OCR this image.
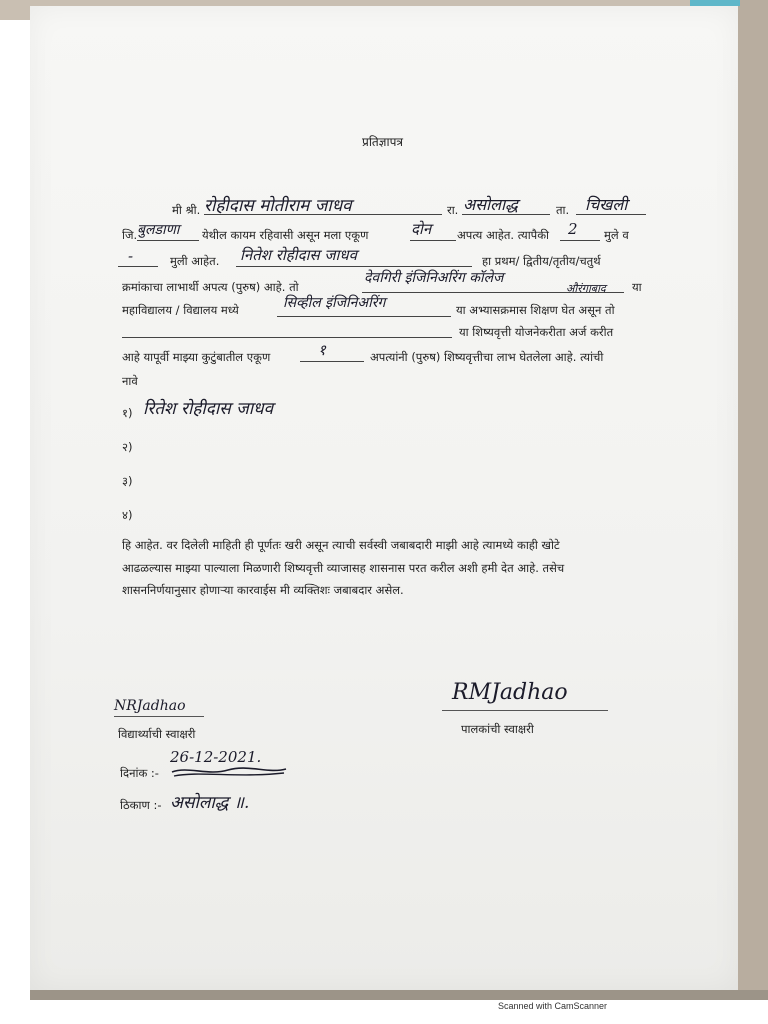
प्रतिज्ञापत्र
मी श्री. रोहीदास मोतीराम जाधव	रा. असोलाद्ध	ता. चिखली
जि. बुलडाणा येथील कायम रहिवासी असून मला एकूण	दोन अपत्य आहेत. त्यापैकी 2 मुले व
-	मुली आहेत. नितेश रोहीदास जाधव	हा प्रथम/ द्वितीय/तृतीय/चतुर्थ
क्रमांकाचा लाभार्थी अपत्य (पुरुष) आहे. तो
देवगिरी इंजिनिअरिंग कॉलेज
औरंगाबाद या
महाविद्यालय / विद्यालय मध्ये	सिव्हील इंजिनिअरिंग	या अभ्यासक्रमास शिक्षण घेत असून तो
या शिष्यवृत्ती योजनेकरीता अर्ज करीत
आहे यापूर्वी माझ्या कुटुंबातील एकूण	१	अपत्यांनी (पुरुष) शिष्यवृत्तीचा लाभ घेतलेला आहे. त्यांची
नावे
१) रितेश रोहीदास जाधव
२)
३)
४)
हि आहेत. वर दिलेली माहिती ही पूर्णतः खरी असून त्याची सर्वस्वी जबाबदारी माझी आहे त्यामध्ये काही खोटे
आढळल्यास माझ्या पाल्याला मिळणारी शिष्यवृत्ती व्याजासह शासनास परत करील अशी हमी देत आहे. तसेच
शासननिर्णयानुसार होणाऱ्या कारवाईस मी व्यक्तिशः जबाबदार असेल.
NRJadhao
विद्यार्थ्याची स्वाक्षरी
RMJadhao
पालकांची स्वाक्षरी
दिनांक :-
26-12-2021.
ठिकाण :- असोलाद्ध ॥.
Scanned with CamScanner
